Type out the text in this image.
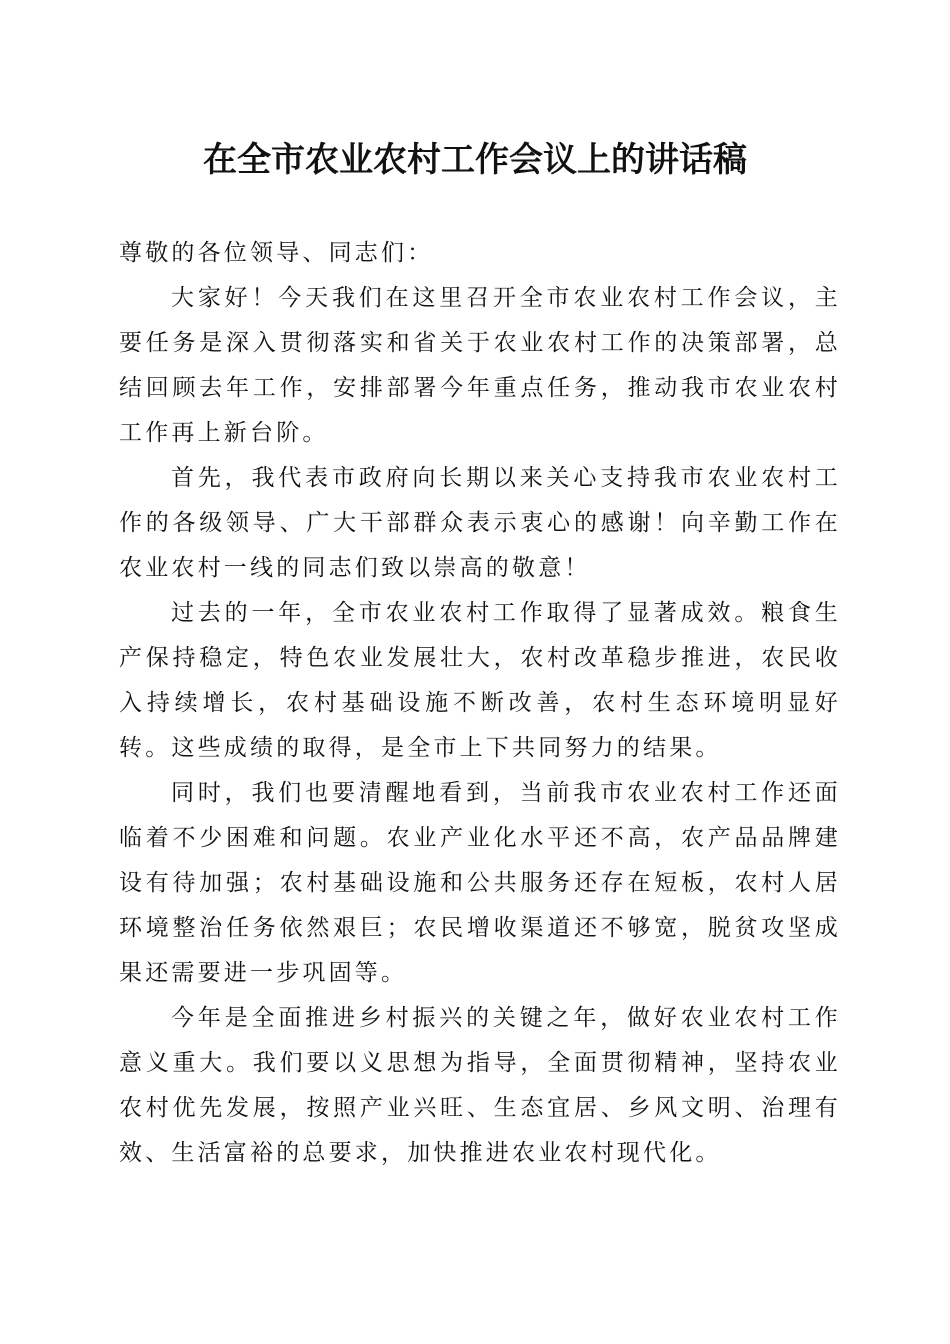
在全市农业农村工作会议上的讲话稿

尊敬的各位领导、同志们：

大家好！今天我们在这里召开全市农业农村工作会议，主要任务是深入贯彻落实和省关于农业农村工作的决策部署，总结回顾去年工作，安排部署今年重点任务，推动我市农业农村工作再上新台阶。

首先，我代表市政府向长期以来关心支持我市农业农村工作的各级领导、广大干部群众表示衷心的感谢！向辛勤工作在农业农村一线的同志们致以崇高的敬意！

过去的一年，全市农业农村工作取得了显著成效。粮食生产保持稳定，特色农业发展壮大，农村改革稳步推进，农民收入持续增长，农村基础设施不断改善，农村生态环境明显好转。这些成绩的取得，是全市上下共同努力的结果。

同时，我们也要清醒地看到，当前我市农业农村工作还面临着不少困难和问题。农业产业化水平还不高，农产品品牌建设有待加强；农村基础设施和公共服务还存在短板，农村人居环境整治任务依然艰巨；农民增收渠道还不够宽，脱贫攻坚成果还需要进一步巩固等。

今年是全面推进乡村振兴的关键之年，做好农业农村工作意义重大。我们要以义思想为指导，全面贯彻精神，坚持农业农村优先发展，按照产业兴旺、生态宜居、乡风文明、治理有效、生活富裕的总要求，加快推进农业农村现代化。
